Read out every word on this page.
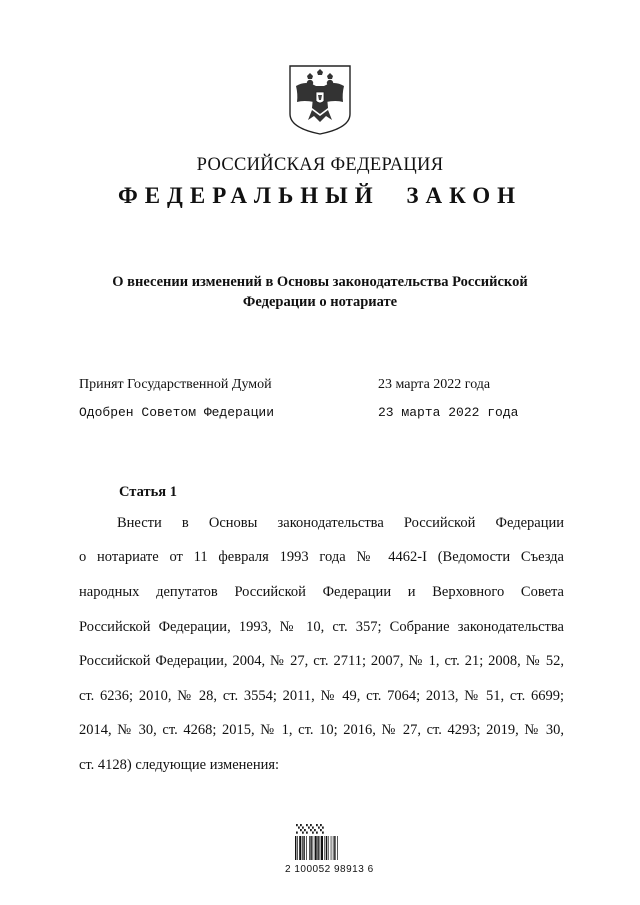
РОССИЙСКАЯ ФЕДЕРАЦИЯ
ФЕДЕРАЛЬНЫЙ ЗАКОН
О внесении изменений в Основы законодательства Российской
Федерации о нотариате
Принят Государственной Думой	23 марта 2022 года
Одобрен Советом Федерации	23 марта 2022 года
Статья 1
Внести в Основы законодательства Российской Федерации
о нотариате от 11 февраля 1993 года № 4462-I (Ведомости Съезда
народных депутатов Российской Федерации и Верховного Совета
Российской Федерации, 1993, № 10, ст. 357; Собрание законодательства
Российской Федерации, 2004, № 27, ст. 2711; 2007, № 1, ст. 21; 2008, № 52,
ст. 6236; 2010, № 28, ст. 3554; 2011, № 49, ст. 7064; 2013, № 51, ст. 6699;
2014, № 30, ст. 4268; 2015, № 1, ст. 10; 2016, № 27, ст. 4293; 2019, № 30,
ст. 4128) следующие изменения:
2 100052 98913 6
